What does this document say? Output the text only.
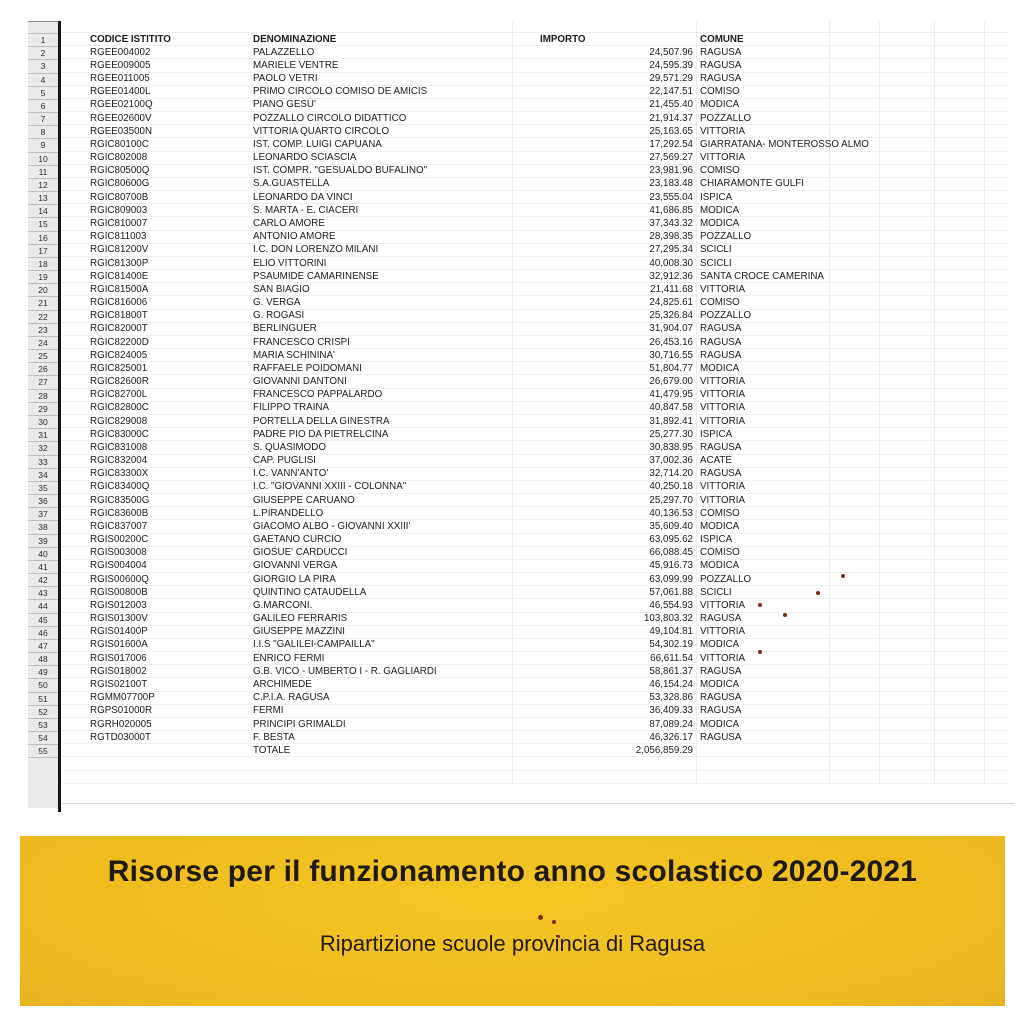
1
2
3
4
5
6
7
8
9
10
11
12
13
14
15
16
17
18
19
20
21
22
23
24
25
26
27
28
29
30
31
32
33
34
35
36
37
38
39
40
41
42
43
44
45
46
47
48
49
50
51
52
53
54
55
CODICE ISTITITO	DENOMINAZIONE	IMPORTO	COMUNE
RGEE004002	PALAZZELLO	24,507.96 RAGUSA
RGEE009005	MARIELE VENTRE	24,595.39 RAGUSA
RGEE011005	PAOLO VETRI	29,571.29 RAGUSA
RGEE01400L	PRIMO CIRCOLO COMISO DE AMICIS	22,147.51 COMISO
RGEE02100Q	PIANO GESU'	21,455.40 MODICA
RGEE02600V	POZZALLO CIRCOLO DIDATTICO	21,914.37 POZZALLO
RGEE03500N	VITTORIA QUARTO CIRCOLO	25,163.65 VITTORIA
RGIC80100C	IST. COMP. LUIGI CAPUANA	17,292.54 GIARRATANA- MONTEROSSO ALMO
RGIC802008	LEONARDO SCIASCIA	27,569.27 VITTORIA
RGIC80500Q	IST. COMPR. "GESUALDO BUFALINO"	23,981.96 COMISO
RGIC80600G	S.A.GUASTELLA	23,183.48 CHIARAMONTE GULFI
RGIC80700B	LEONARDO DA VINCI	23,555.04 ISPICA
RGIC809003	S. MARTA - E. CIACERI	41,686.85 MODICA
RGIC810007	CARLO AMORE	37,343.32 MODICA
RGIC811003	ANTONIO AMORE	28,398.35 POZZALLO
RGIC81200V	I.C. DON LORENZO MILANI	27,295.34 SCICLI
RGIC81300P	ELIO VITTORINI	40,008.30 SCICLI
RGIC81400E	PSAUMIDE CAMARINENSE	32,912.36 SANTA CROCE CAMERINA
RGIC81500A	SAN BIAGIO	21,411.68 VITTORIA
RGIC816006	G. VERGA	24,825.61 COMISO
RGIC81800T	G. ROGASI	25,326.84 POZZALLO
RGIC82000T	BERLINGUER	31,904.07 RAGUSA
RGIC82200D	FRANCESCO CRISPI	26,453.16 RAGUSA
RGIC824005	MARIA SCHININA'	30,716.55 RAGUSA
RGIC825001	RAFFAELE POIDOMANI	51,804.77 MODICA
RGIC82600R	GIOVANNI DANTONI	26,679.00 VITTORIA
RGIC82700L	FRANCESCO PAPPALARDO	41,479.95 VITTORIA
RGIC82800C	FILIPPO TRAINA	40,847.58 VITTORIA
RGIC829008	PORTELLA DELLA GINESTRA	31,892.41 VITTORIA
RGIC83000C	PADRE PIO DA PIETRELCINA	25,277.30 ISPICA
RGIC831008	S. QUASIMODO	30,838.95 RAGUSA
RGIC832004	CAP. PUGLISI	37,002.36 ACATE
RGIC83300X	I.C. VANN'ANTO'	32,714.20 RAGUSA
RGIC83400Q	I.C. "GIOVANNI XXIII - COLONNA"	40,250.18 VITTORIA
RGIC83500G	GIUSEPPE CARUANO	25,297.70 VITTORIA
RGIC83600B	L.PIRANDELLO	40,136.53 COMISO
RGIC837007	GIACOMO ALBO - GIOVANNI XXIII'	35,609.40 MODICA
RGIS00200C	GAETANO CURCIO	63,095.62 ISPICA
RGIS003008	GIOSUE' CARDUCCI	66,088.45 COMISO
RGIS004004	GIOVANNI VERGA	45,916.73 MODICA
RGIS00600Q	GIORGIO LA PIRA	63,099.99 POZZALLO
RGIS00800B	QUINTINO CATAUDELLA	57,061.88 SCICLI
RGIS012003	G.MARCONI.	46,554.93 VITTORIA
RGIS01300V	GALILEO FERRARIS	103,803.32 RAGUSA
RGIS01400P	GIUSEPPE MAZZINI	49,104.81 VITTORIA
RGIS01600A	I.I.S "GALILEI-CAMPAILLA"	54,302.19 MODICA
RGIS017006	ENRICO FERMI	66,611.54 VITTORIA
RGIS018002	G.B. VICO - UMBERTO I - R. GAGLIARDI	58,861.37 RAGUSA
RGIS02100T	ARCHIMEDE	46,154.24 MODICA
RGMM07700P	C.P.I.A. RAGUSA	53,328.86 RAGUSA
RGPS01000R	FERMI	36,409.33 RAGUSA
RGRH020005	PRINCIPI GRIMALDI	87,089.24 MODICA
RGTD03000T	F. BESTA	46,326.17 RAGUSA
TOTALE	2,056,859.29
Risorse per il funzionamento anno scolastico 2020-2021
Ripartizione scuole provincia di Ragusa
